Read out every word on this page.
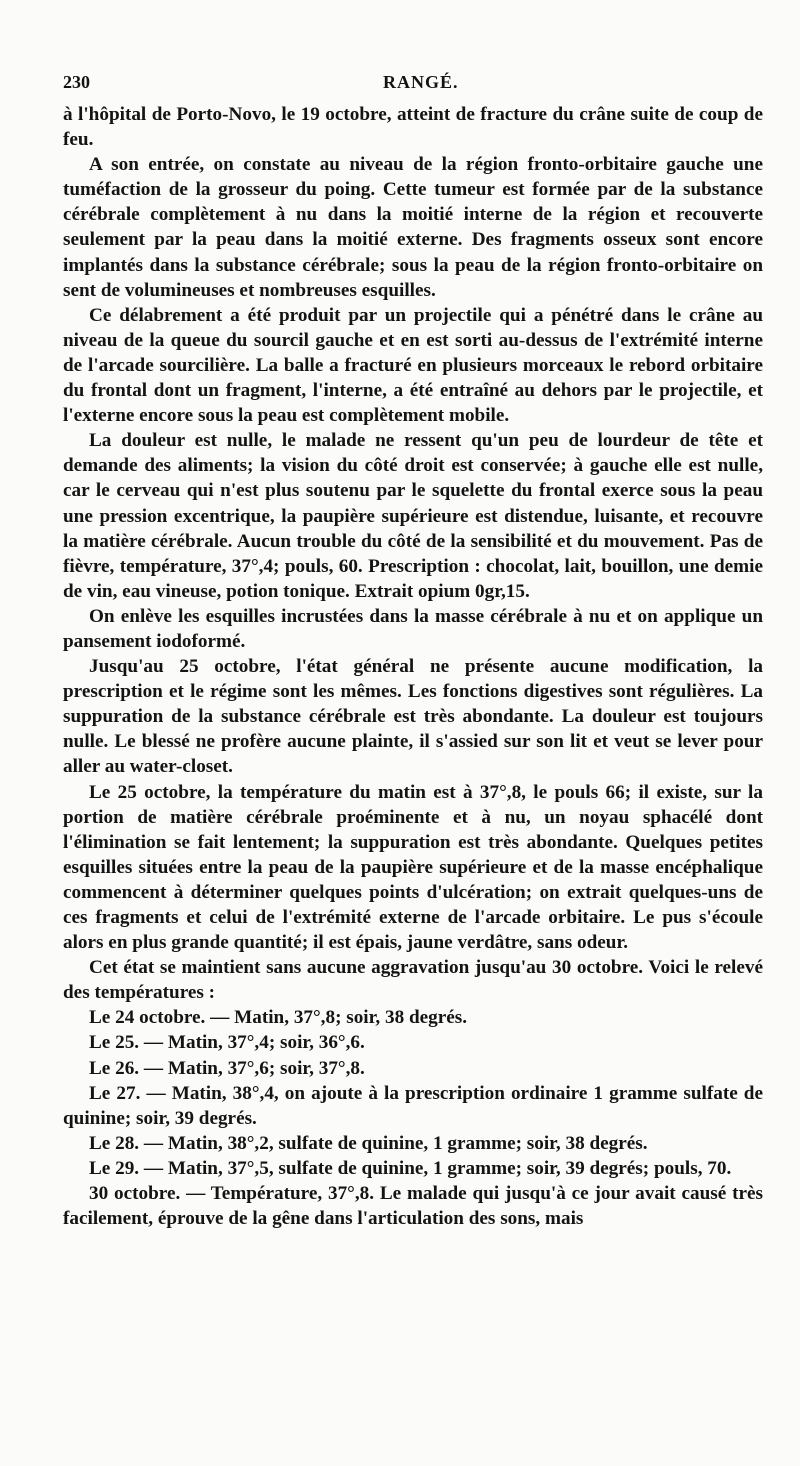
230	RANGÉ.

à l'hôpital de Porto-Novo, le 19 octobre, atteint de fracture du crâne suite de coup de feu.

A son entrée, on constate au niveau de la région fronto-orbitaire gauche une tuméfaction de la grosseur du poing. Cette tumeur est formée par de la substance cérébrale complètement à nu dans la moitié interne de la région et recouverte seulement par la peau dans la moitié externe. Des fragments osseux sont encore implantés dans la substance cérébrale; sous la peau de la région fronto-orbitaire on sent de volumineuses et nombreuses esquilles.

Ce délabrement a été produit par un projectile qui a pénétré dans le crâne au niveau de la queue du sourcil gauche et en est sorti au-dessus de l'extrémité interne de l'arcade sourcilière. La balle a fracturé en plusieurs morceaux le rebord orbitaire du frontal dont un fragment, l'interne, a été entraîné au dehors par le projectile, et l'externe encore sous la peau est complètement mobile.

La douleur est nulle, le malade ne ressent qu'un peu de lourdeur de tête et demande des aliments; la vision du côté droit est conservée; à gauche elle est nulle, car le cerveau qui n'est plus soutenu par le squelette du frontal exerce sous la peau une pression excentrique, la paupière supérieure est distendue, luisante, et recouvre la matière cérébrale. Aucun trouble du côté de la sensibilité et du mouvement. Pas de fièvre, température, 37°,4; pouls, 60. Prescription : chocolat, lait, bouillon, une demie de vin, eau vineuse, potion tonique. Extrait opium 0gr,15.

On enlève les esquilles incrustées dans la masse cérébrale à nu et on applique un pansement iodoformé.

Jusqu'au 25 octobre, l'état général ne présente aucune modification, la prescription et le régime sont les mêmes. Les fonctions digestives sont régulières. La suppuration de la substance cérébrale est très abondante. La douleur est toujours nulle. Le blessé ne profère aucune plainte, il s'assied sur son lit et veut se lever pour aller au water-closet.

Le 25 octobre, la température du matin est à 37°,8, le pouls 66; il existe, sur la portion de matière cérébrale proéminente et à nu, un noyau sphacélé dont l'élimination se fait lentement; la suppuration est très abondante. Quelques petites esquilles situées entre la peau de la paupière supérieure et de la masse encéphalique commencent à déterminer quelques points d'ulcération; on extrait quelques-uns de ces fragments et celui de l'extrémité externe de l'arcade orbitaire. Le pus s'écoule alors en plus grande quantité; il est épais, jaune verdâtre, sans odeur.

Cet état se maintient sans aucune aggravation jusqu'au 30 octobre. Voici le relevé des températures :

Le 24 octobre. — Matin, 37°,8; soir, 38 degrés.

Le 25. — Matin, 37°,4; soir, 36°,6.

Le 26. — Matin, 37°,6; soir, 37°,8.

Le 27. — Matin, 38°,4, on ajoute à la prescription ordinaire 1 gramme sulfate de quinine; soir, 39 degrés.

Le 28. — Matin, 38°,2, sulfate de quinine, 1 gramme; soir, 38 degrés.

Le 29. — Matin, 37°,5, sulfate de quinine, 1 gramme; soir, 39 degrés; pouls, 70.

30 octobre. — Température, 37°,8. Le malade qui jusqu'à ce jour avait causé très facilement, éprouve de la gêne dans l'articulation des sons, mais
